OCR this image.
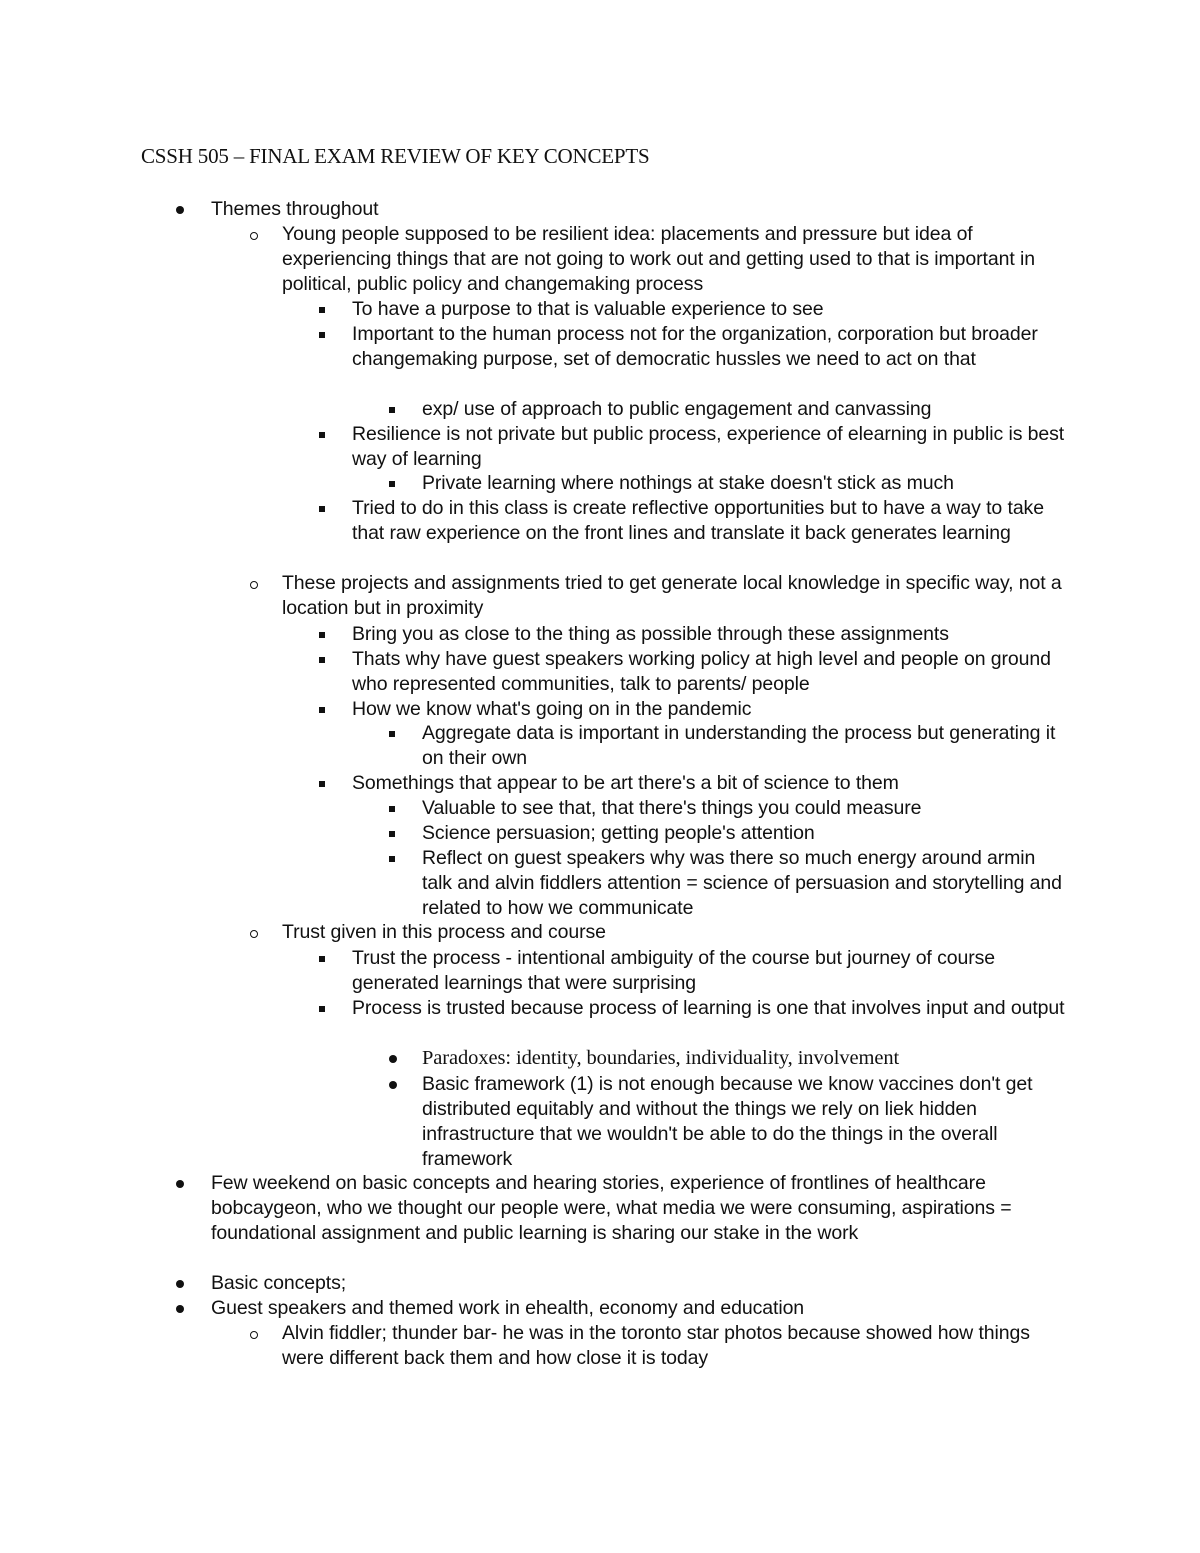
CSSH 505 – FINAL EXAM REVIEW OF KEY CONCEPTS
Themes throughout
Young people supposed to be resilient idea: placements and pressure but idea of experiencing things that are not going to work out and getting used to that is important in political, public policy and changemaking process
To have a purpose to that is valuable experience to see
Important to the human process not for the organization, corporation but broader changemaking purpose, set of democratic hussles we need to act on that
exp/ use of approach to public engagement and canvassing
Resilience is not private but public process, experience of elearning in public is best way of learning
Private learning where nothings at stake doesn't stick as much
Tried to do in this class is create reflective opportunities but to have a way to take that raw experience on the front lines and translate it back generates learning
These projects and assignments tried to get generate local knowledge in specific way, not a location but in proximity
Bring you as close to the thing as possible through these assignments
Thats why have guest speakers working policy at high level and people on ground who represented communities, talk to parents/ people
How we know what's going on in the pandemic
Aggregate data is important in understanding the process but generating it on their own
Somethings that appear to be art there's a bit of science to them
Valuable to see that, that there's things you could measure
Science persuasion; getting people's attention
Reflect on guest speakers why was there so much energy around armin talk and alvin fiddlers attention = science of persuasion and storytelling and related to how we communicate
Trust given in this process and course
Trust the process - intentional ambiguity of the course but journey of course generated learnings that were surprising
Process is trusted because process of learning is one that involves input and output
Paradoxes: identity, boundaries, individuality, involvement
Basic framework (1) is not enough because we know vaccines don't get distributed equitably and without the things we rely on liek hidden infrastructure that we wouldn't be able to do the things in the overall framework
Few weekend on basic concepts and hearing stories, experience of frontlines of healthcare bobcaygeon, who we thought our people were, what media we were consuming, aspirations = foundational assignment and public learning is sharing our stake in the work
Basic concepts;
Guest speakers and themed work in ehealth, economy and education
Alvin fiddler; thunder bar- he was in the toronto star photos because showed how things were different back them and how close it is today
